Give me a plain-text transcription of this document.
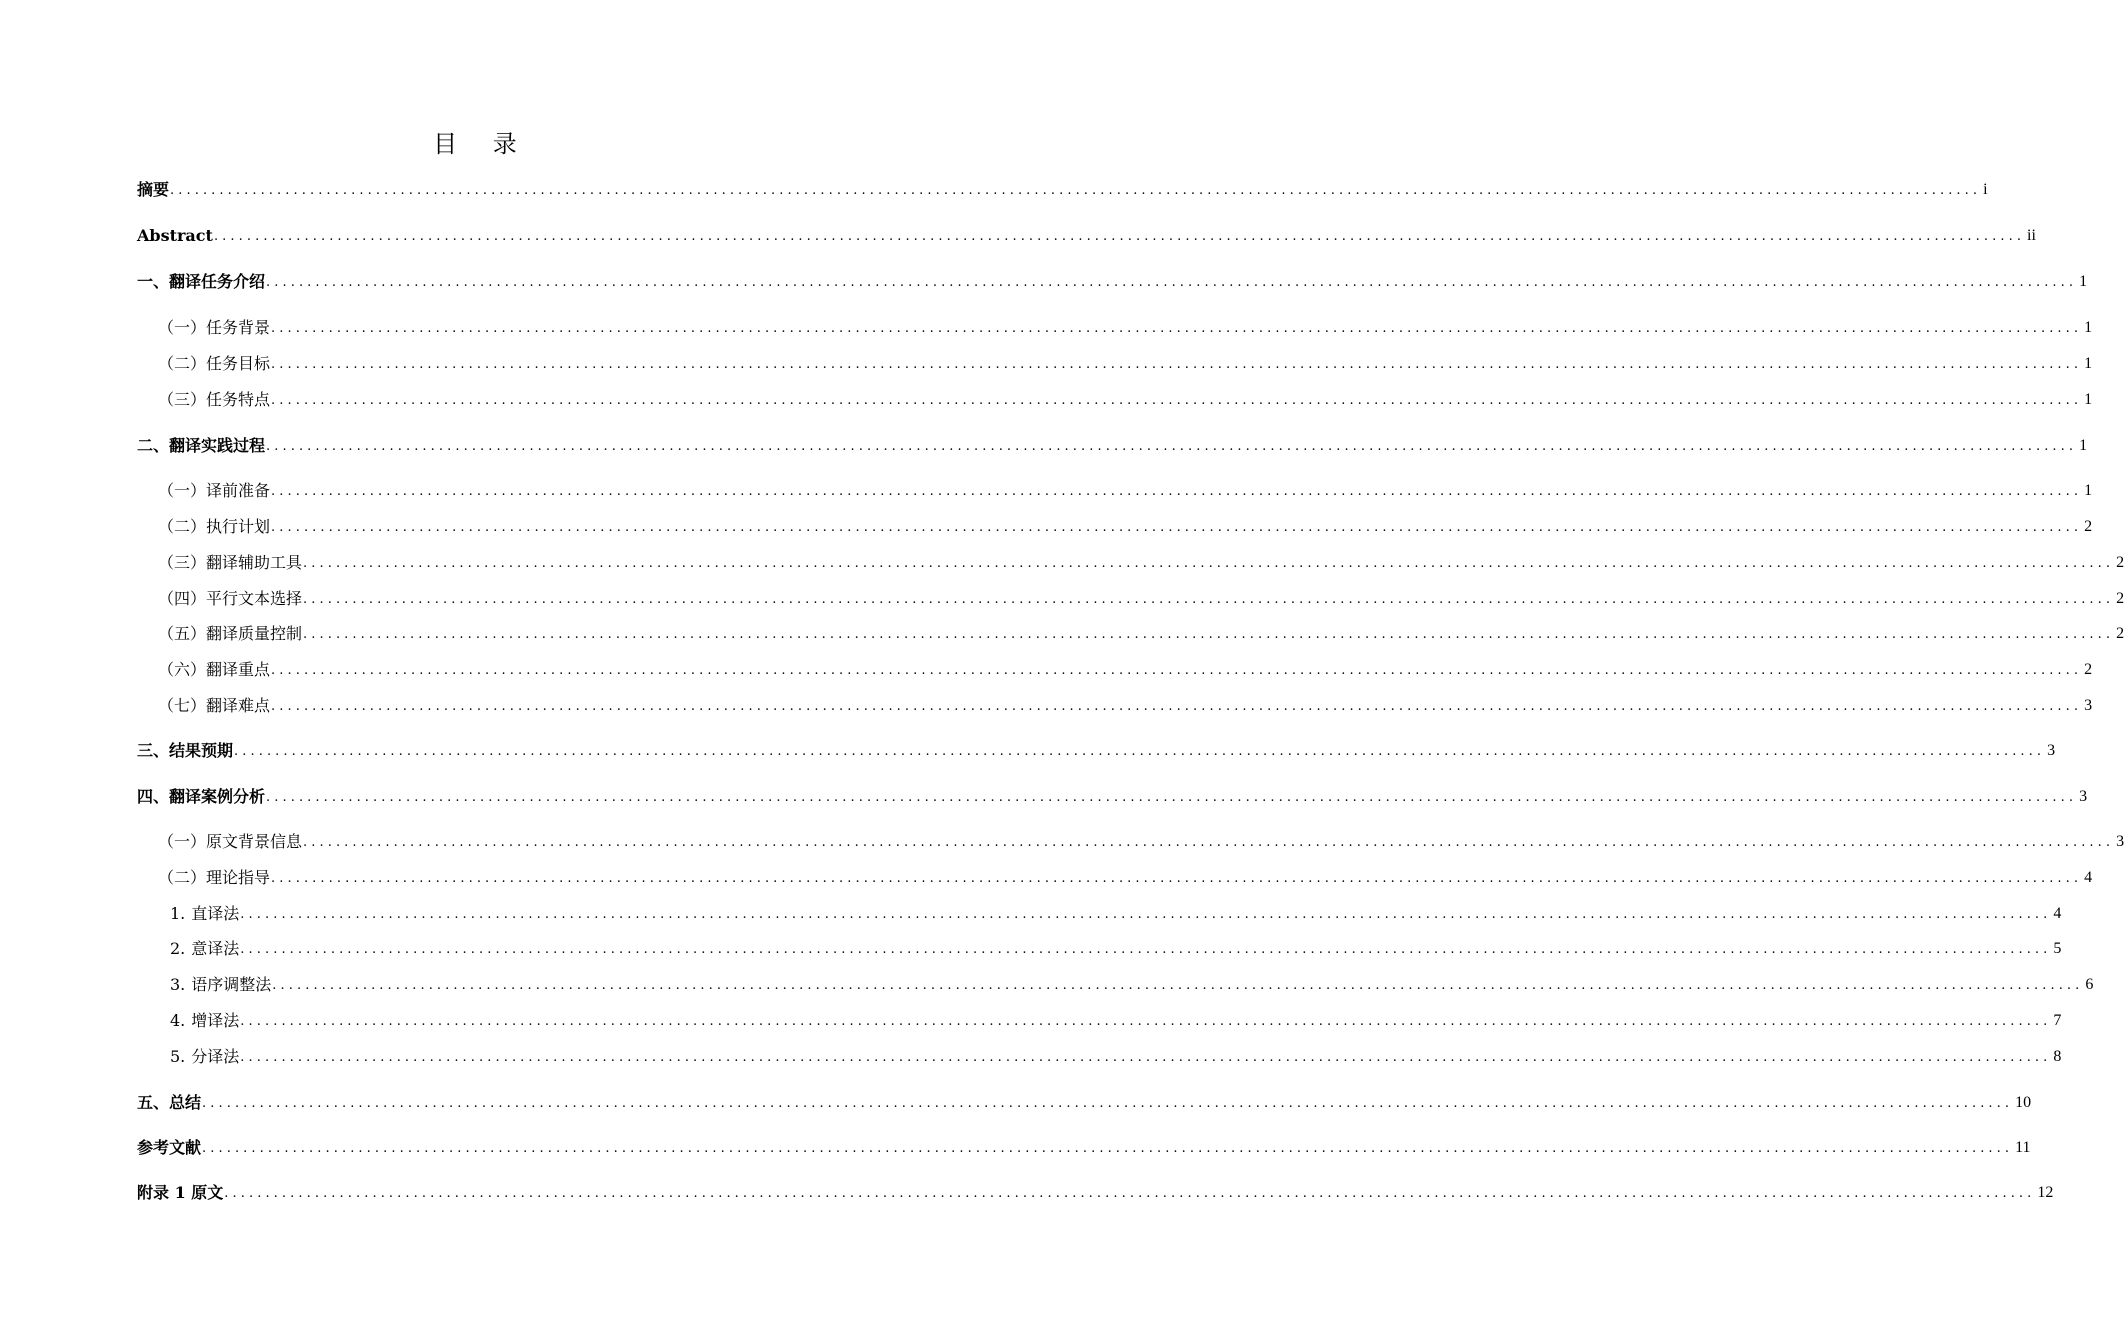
目 录
摘要 ............................................................................................................................................................................................................................ i
Abstract ............................................................................................................................................................................................................................ ii
一、翻译任务介绍 ............................................................................................................................................................................................................................ 1
（一）任务背景 ............................................................................................................................................................................................................................ 1
（二）任务目标 ............................................................................................................................................................................................................................ 1
（三）任务特点 ............................................................................................................................................................................................................................ 1
二、翻译实践过程 ............................................................................................................................................................................................................................ 1
（一）译前准备 ............................................................................................................................................................................................................................ 1
（二）执行计划 ............................................................................................................................................................................................................................ 2
（三）翻译辅助工具 ............................................................................................................................................................................................................................ 2
（四）平行文本选择 ............................................................................................................................................................................................................................ 2
（五）翻译质量控制 ............................................................................................................................................................................................................................ 2
（六）翻译重点 ............................................................................................................................................................................................................................ 2
（七）翻译难点 ............................................................................................................................................................................................................................ 3
三、结果预期 ............................................................................................................................................................................................................................ 3
四、翻译案例分析 ............................................................................................................................................................................................................................ 3
（一）原文背景信息 ............................................................................................................................................................................................................................ 3
（二）理论指导 ............................................................................................................................................................................................................................ 4
1. 直译法 ............................................................................................................................................................................................................................ 4
2. 意译法 ............................................................................................................................................................................................................................ 5
3. 语序调整法 ............................................................................................................................................................................................................................ 6
4. 增译法 ............................................................................................................................................................................................................................ 7
5. 分译法 ............................................................................................................................................................................................................................ 8
五、总结 ............................................................................................................................................................................................................................ 10
参考文献 ............................................................................................................................................................................................................................ 11
附录 1 原文 ............................................................................................................................................................................................................................ 12
